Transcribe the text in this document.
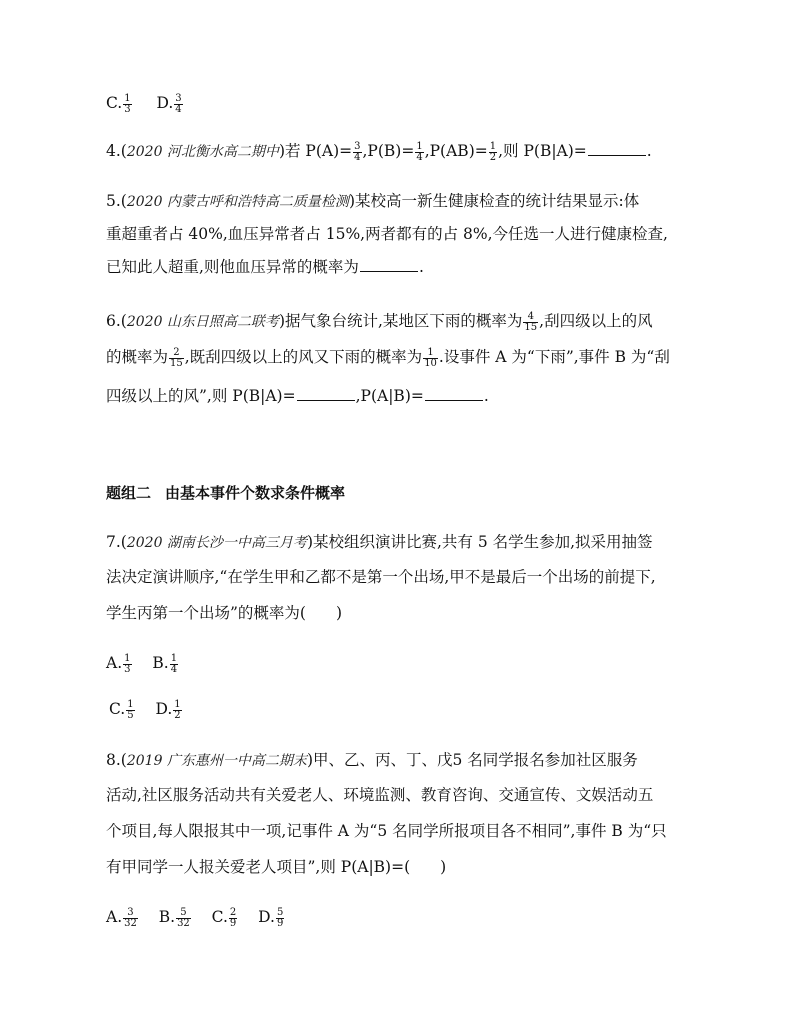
C. $\frac{1}{3} D$. $\frac{3}{4}$
4.(2020 河北衡水高二期中)若 $P(A)= \frac{3}{4} ,P(B)= \frac{1}{4} ,P(AB)= \frac{1}{2}$ ,则 P(B|A)=	.
5.(2020 内蒙古呼和浩特高二质量检测)某校高一新生健康检查的统计结果显示:体
重超重者占 40%,血压异常者占 15%,两者都有的占 8%,今任选一人进行健康检查,
已知此人超重,则他血压异常的概率为	.
6.(2020 山东日照高二联考)据气象台统计,某地区下雨的概率为 $\frac{4}{15}$ ,刮四级以上的风
的概率为 $\frac{2}{15}$ ,既刮四级以上的风又下雨的概率为 $\frac{1}{10}$ .设事件 A 为“下雨”,事件 B 为“刮
四级以上的风”,则 P(B|A)=	,P(A|B)=	.
题组二 由基本事件个数求条件概率
7.(2020 湖南长沙一中高三月考)某校组织演讲比赛,共有 5 名学生参加,拟采用抽签
法决定演讲顺序,“在学生甲和乙都不是第一个出场,甲不是最后一个出场的前提下,
学生丙第一个出场”的概率为( )
A. $\frac{1}{3} B$. $\frac{1}{4}$
C. $\frac{1}{5} D$. $\frac{1}{2}$
8.(2019 广东惠州一中高二期末)甲、乙、丙、丁、戊5 名同学报名参加社区服务
活动,社区服务活动共有关爱老人、环境监测、教育咨询、交通宣传、文娱活动五
个项目,每人限报其中一项,记事件 A 为“5 名同学所报项目各不相同”,事件 B 为“只
有甲同学一人报关爱老人项目”,则 P(A|B)=( )
A. $\frac{3}{32} B$. $\frac{5}{32} C$. $\frac{2}{9} D$. $\frac{5}{9}$
